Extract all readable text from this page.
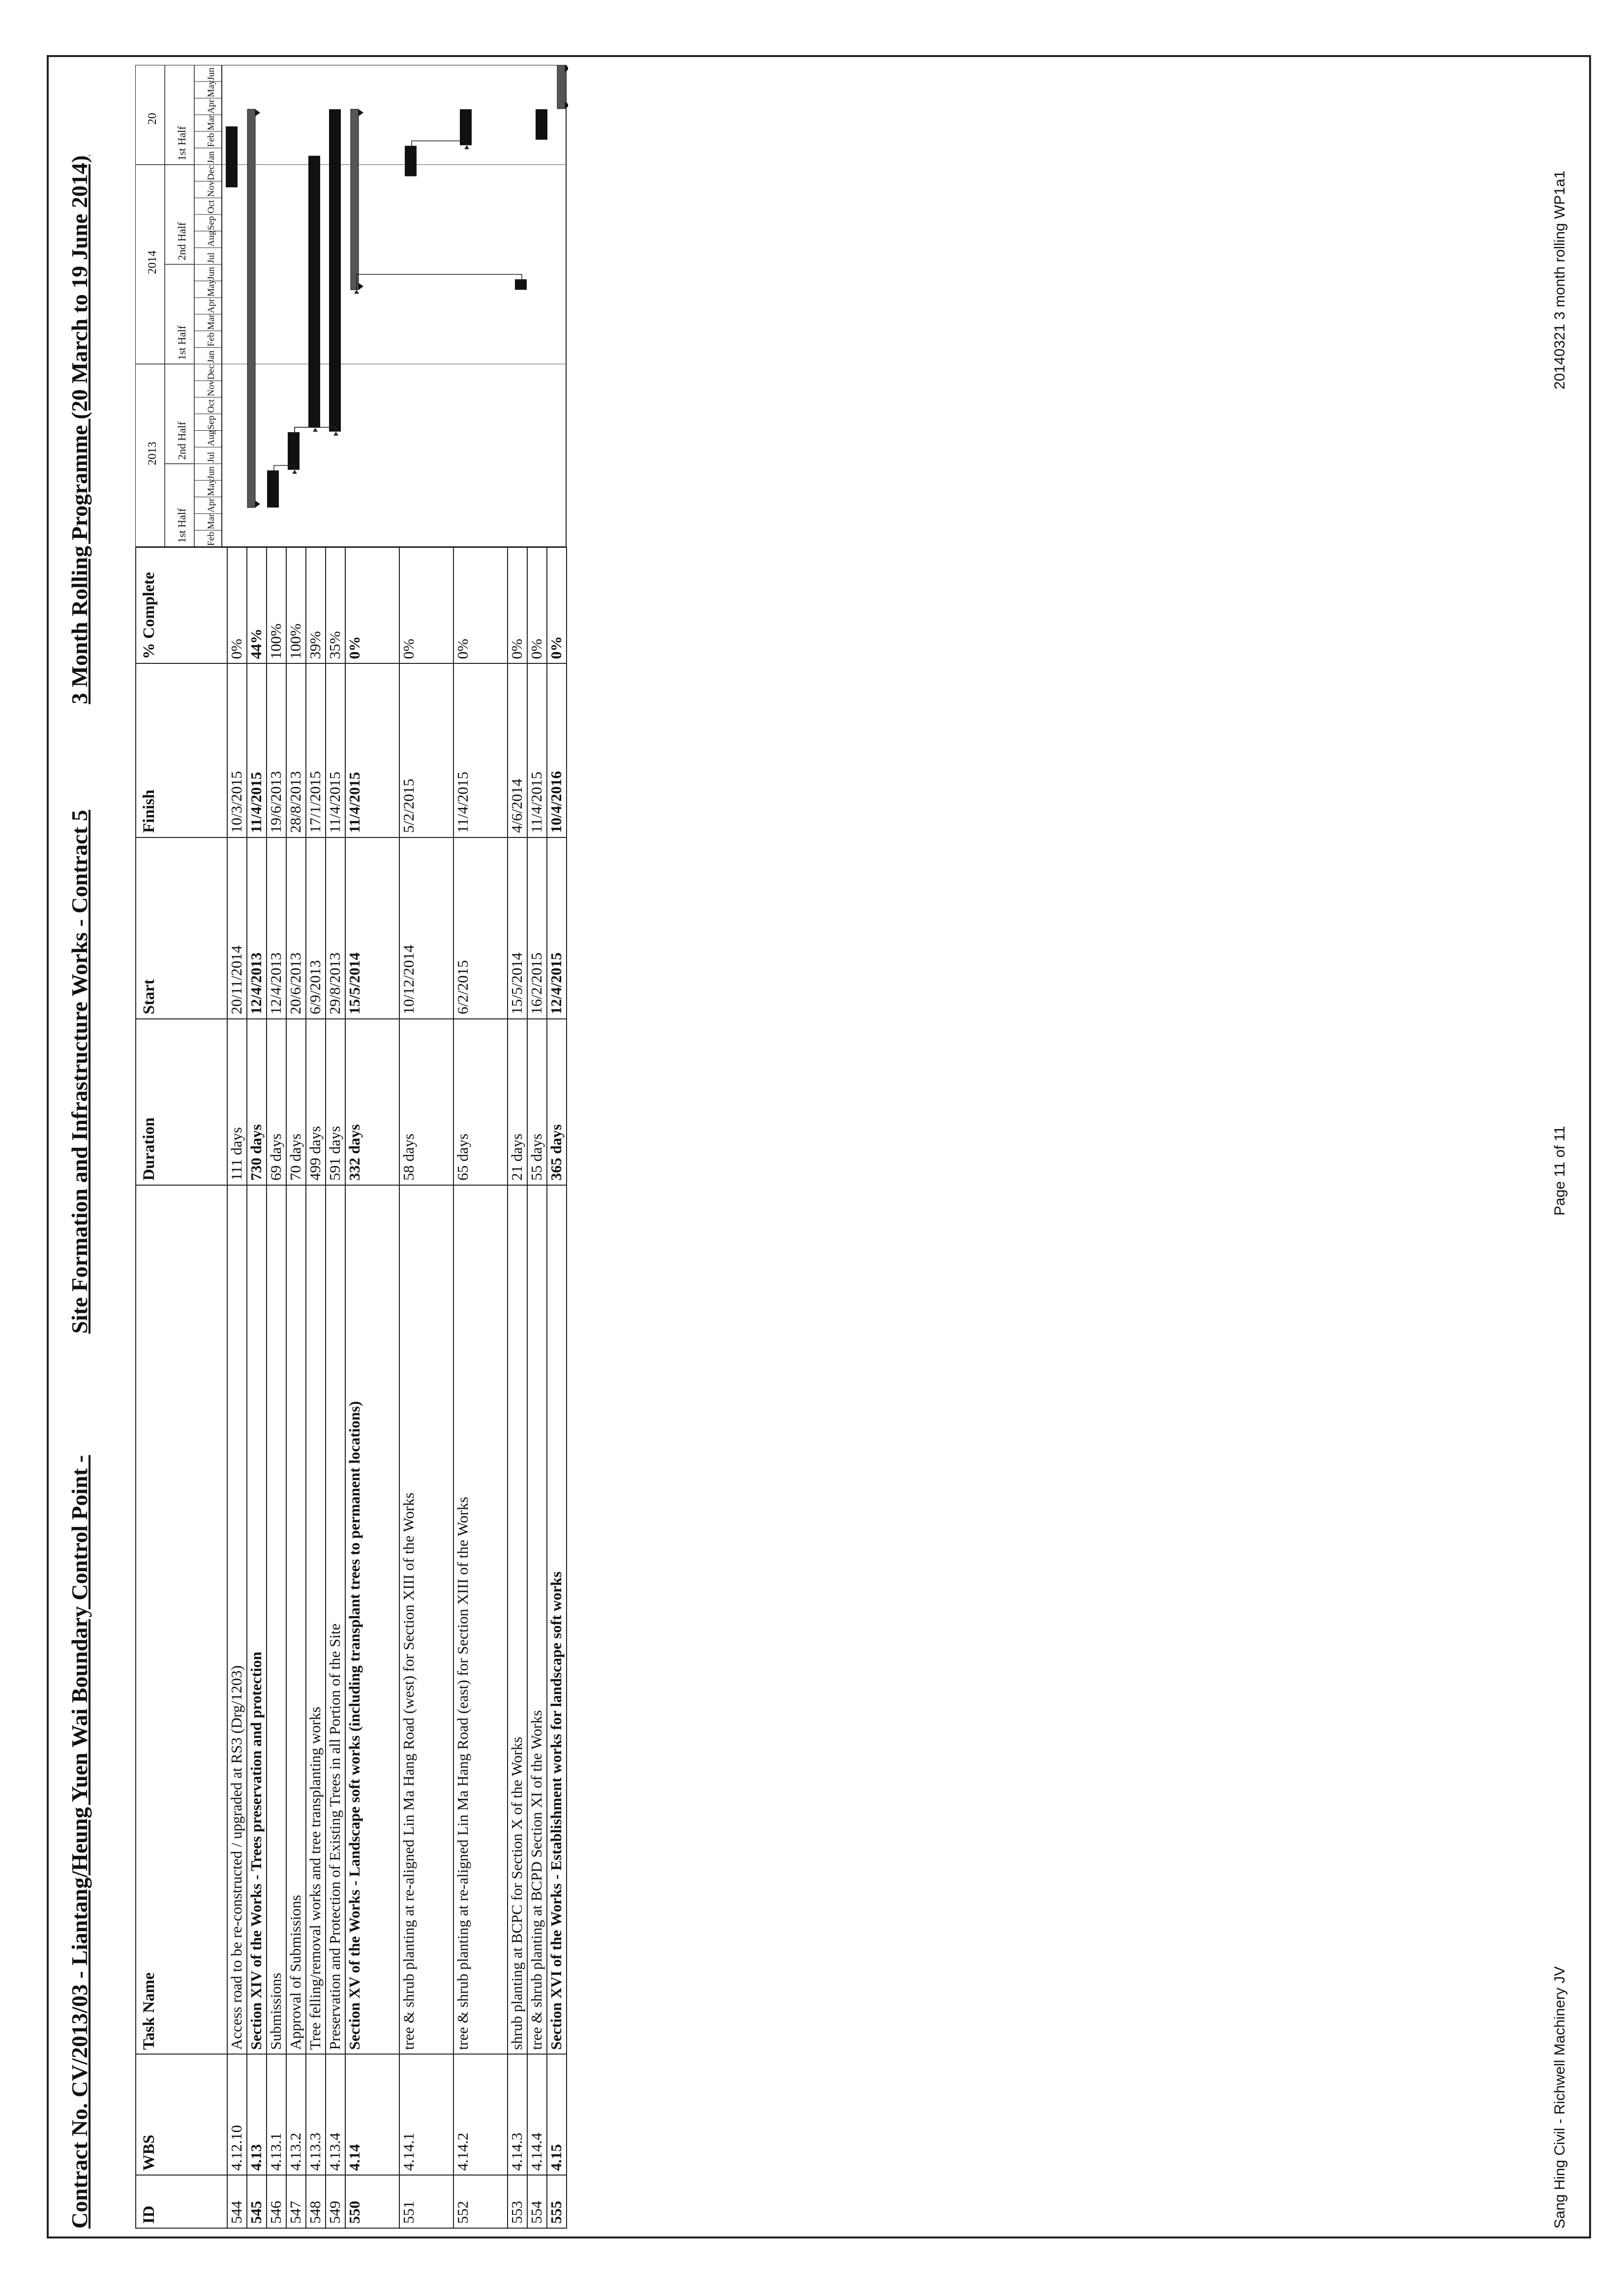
Contract No. CV/2013/03 - Liantang/Heung Yuen Wai Boundary Control Point -
Site Formation and Infrastructure Works - Contract 5
3 Month Rolling Programme (20 March to 19 June 2014)
ID	WBS	Task Name	Duration	Start	Finish	% Complete
544	4.12.10	Access road to be re-constructed / upgraded at RS3 (Drg/1203)	111 days	20/11/2014	10/3/2015	0%
545	4.13	Section XIV of the Works - Trees preservation and protection	730 days	12/4/2013	11/4/2015	44%
546	4.13.1	Submissions	69 days	12/4/2013	19/6/2013	100%
547	4.13.2	Approval of Submissions	70 days	20/6/2013	28/8/2013	100%
548	4.13.3	Tree felling/removal works and tree transplanting works	499 days	6/9/2013	17/1/2015	39%
549	4.13.4	Preservation and Protection of Existing Trees in all Portion of the Site	591 days	29/8/2013	11/4/2015	35%
550	4.14	Section XV of the Works - Landscape soft works (including transplant trees to permanent locations)	332 days	15/5/2014	11/4/2015	0%
551	4.14.1	tree & shrub planting at re-aligned Lin Ma Hang Road (west) for Section XIII of the Works	58 days	10/12/2014	5/2/2015	0%
552	4.14.2	tree & shrub planting at re-aligned Lin Ma Hang Road (east) for Section XIII of the Works	65 days	6/2/2015	11/4/2015	0%
553	4.14.3	shrub planting at BCPC for Section X of the Works	21 days	15/5/2014	4/6/2014	0%
554	4.14.4	tree & shrub planting at BCPD Section XI of the Works	55 days	16/2/2015	11/4/2015	0%
555	4.15	Section XVI of the Works - Establishment works for landscape soft works	365 days	12/4/2015	10/4/2016	0%
2013
2014
20
1st Half
2nd Half
1st Half
2nd Half
1st Half
Feb
Mar
Apr
May
Jun
Jul
Aug
Sep
Oct
Nov
Dec
Jan
Feb
Mar
Apr
May
Jun
Jul
Aug
Sep
Oct
Nov
Dec
Jan
Feb
Mar
Apr
May
Jun
Sang Hing Civil - Richwell Machinery JV
Page 11 of 11
20140321 3 month rolling WP1a1
